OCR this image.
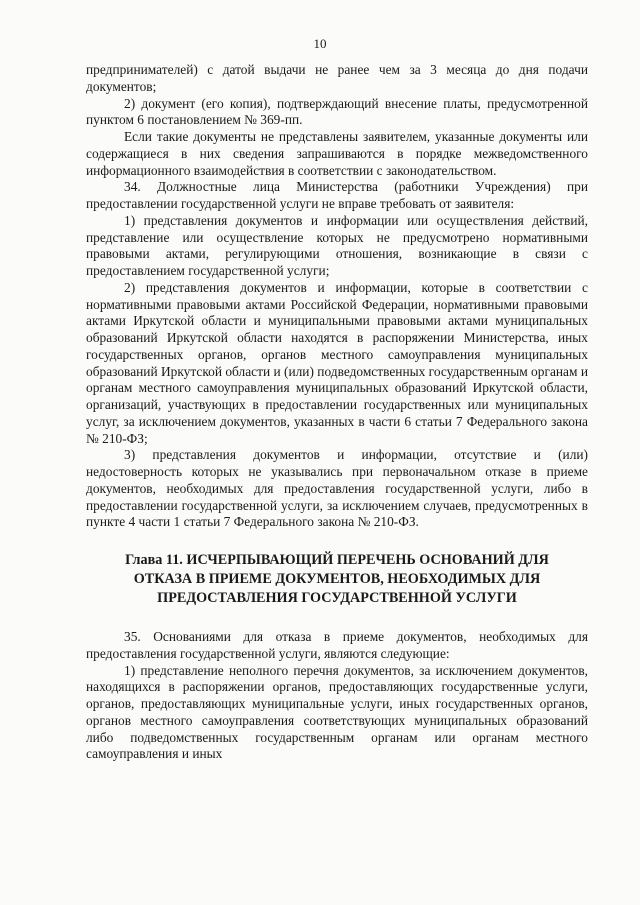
10

предпринимателей) с датой выдачи не ранее чем за 3 месяца до дня подачи документов;

2) документ (его копия), подтверждающий внесение платы, предусмотренной пунктом 6 постановлением № 369-пп.

Если такие документы не представлены заявителем, указанные документы или содержащиеся в них сведения запрашиваются в порядке межведомственного информационного взаимодействия в соответствии с законодательством.

34. Должностные лица Министерства (работники Учреждения) при предоставлении государственной услуги не вправе требовать от заявителя:

1) представления документов и информации или осуществления действий, представление или осуществление которых не предусмотрено нормативными правовыми актами, регулирующими отношения, возникающие в связи с предоставлением государственной услуги;

2) представления документов и информации, которые в соответствии с нормативными правовыми актами Российской Федерации, нормативными правовыми актами Иркутской области и муниципальными правовыми актами муниципальных образований Иркутской области находятся в распоряжении Министерства, иных государственных органов, органов местного самоуправления муниципальных образований Иркутской области и (или) подведомственных государственным органам и органам местного самоуправления муниципальных образований Иркутской области, организаций, участвующих в предоставлении государственных или муниципальных услуг, за исключением документов, указанных в части 6 статьи 7 Федерального закона № 210-ФЗ;

3) представления документов и информации, отсутствие и (или) недостоверность которых не указывались при первоначальном отказе в приеме документов, необходимых для предоставления государственной услуги, либо в предоставлении государственной услуги, за исключением случаев, предусмотренных в пункте 4 части 1 статьи 7 Федерального закона № 210-ФЗ.

Глава 11. ИСЧЕРПЫВАЮЩИЙ ПЕРЕЧЕНЬ ОСНОВАНИЙ ДЛЯ
ОТКАЗА В ПРИЕМЕ ДОКУМЕНТОВ, НЕОБХОДИМЫХ ДЛЯ
ПРЕДОСТАВЛЕНИЯ ГОСУДАРСТВЕННОЙ УСЛУГИ

35. Основаниями для отказа в приеме документов, необходимых для предоставления государственной услуги, являются следующие:

1) представление неполного перечня документов, за исключением документов, находящихся в распоряжении органов, предоставляющих государственные услуги, органов, предоставляющих муниципальные услуги, иных государственных органов, органов местного самоуправления соответствующих муниципальных образований либо подведомственных государственным органам или органам местного самоуправления и иных
